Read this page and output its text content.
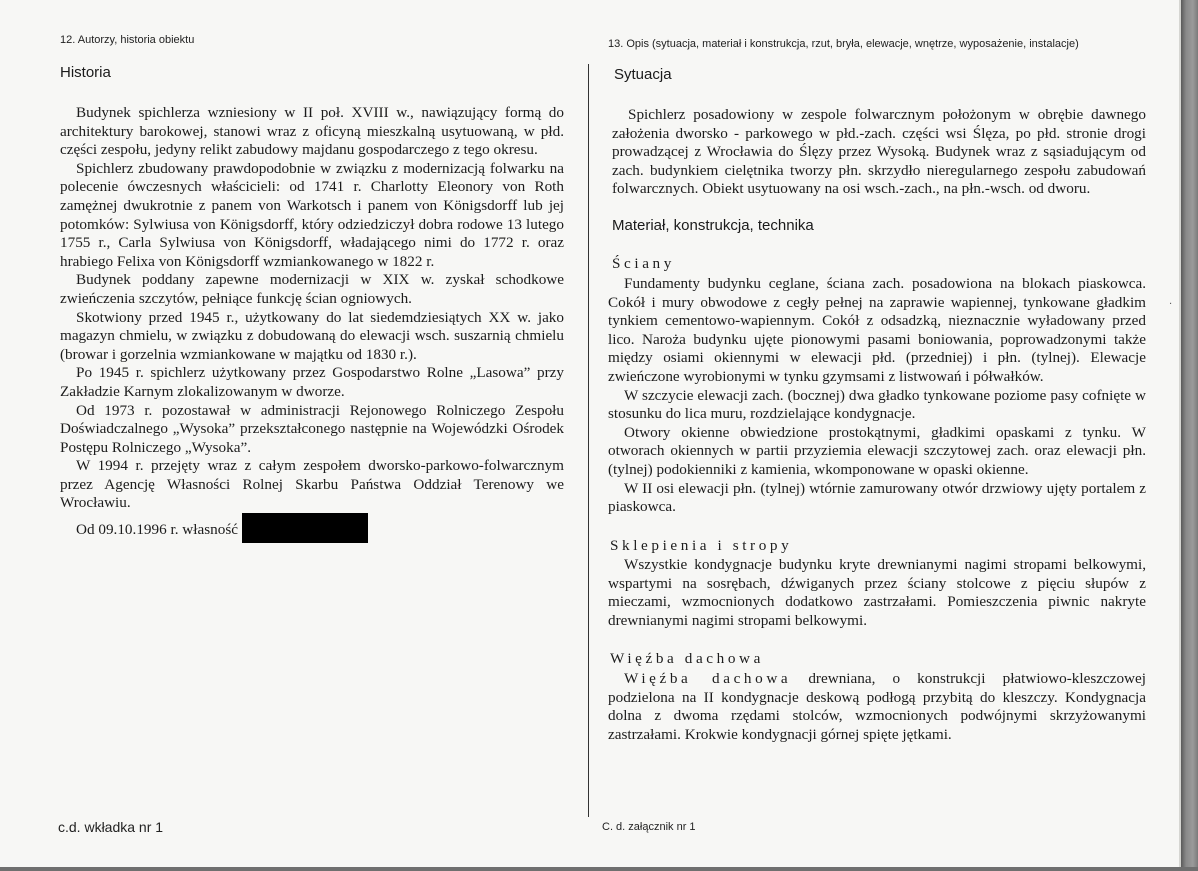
12. Autorzy, historia obiektu
Historia

Budynek spichlerza wzniesiony w II poł. XVIII w., nawiązujący formą do architektury barokowej, stanowi wraz z oficyną mieszkalną usytuowaną, w płd. części zespołu, jedyny relikt zabudowy majdanu gospodarczego z tego okresu.

Spichlerz zbudowany prawdopodobnie w związku z modernizacją folwarku na polecenie ówczesnych właścicieli: od 1741 r. Charlotty Eleonory von Roth zamężnej dwukrotnie z panem von Warkotsch i panem von Königsdorff lub jej potomków: Sylwiusa von Königsdorff, który odziedziczył dobra rodowe 13 lutego 1755 r., Carla Sylwiusa von Königsdorff, władającego nimi do 1772 r. oraz hrabiego Felixa von Königsdorff wzmiankowanego w 1822 r.

Budynek poddany zapewne modernizacji w XIX w. zyskał schodkowe zwieńczenia szczytów, pełniące funkcję ścian ogniowych.

Skotwiony przed 1945 r., użytkowany do lat siedemdziesiątych XX w. jako magazyn chmielu, w związku z dobudowaną do elewacji wsch. suszarnią chmielu (browar i gorzelnia wzmiankowane w majątku od 1830 r.).

Po 1945 r. spichlerz użytkowany przez Gospodarstwo Rolne „Lasowa” przy Zakładzie Karnym zlokalizowanym w dworze.

Od 1973 r. pozostawał w administracji Rejonowego Rolniczego Zespołu Doświadczalnego „Wysoka” przekształconego następnie na Wojewódzki Ośrodek Postępu Rolniczego „Wysoka”.

W 1994 r. przejęty wraz z całym zespołem dworsko-parkowo-folwarcznym przez Agencję Własności Rolnej Skarbu Państwa Oddział Terenowy we Wrocławiu.

Od 09.10.1996 r. własność

c.d. wkładka nr 1
13. Opis (sytuacja, materiał i konstrukcja, rzut, bryła, elewacje, wnętrze, wyposażenie, instalacje)
Sytuacja

Spichlerz posadowiony w zespole folwarcznym położonym w obrębie dawnego założenia dworsko - parkowego w płd.-zach. części wsi Ślęza, po płd. stronie drogi prowadzącej z Wrocławia do Ślęzy przez Wysoką. Budynek wraz z sąsiadującym od zach. budynkiem cielętnika tworzy płn. skrzydło nieregularnego zespołu zabudowań folwarcznych. Obiekt usytuowany na osi wsch.-zach., na płn.-wsch. od dworu.

Materiał, konstrukcja, technika
Ściany

Fundamenty budynku ceglane, ściana zach. posadowiona na blokach piaskowca. Cokół i mury obwodowe z cegły pełnej na zaprawie wapiennej, tynkowane gładkim tynkiem cementowo-wapiennym. Cokół z odsadzką, nieznacznie wyładowany przed lico. Naroża budynku ujęte pionowymi pasami boniowania, poprowadzonymi także między osiami okiennymi w elewacji płd. (przedniej) i płn. (tylnej). Elewacje zwieńczone wyrobionymi w tynku gzymsami z listwowań i półwałków.

W szczycie elewacji zach. (bocznej) dwa gładko tynkowane poziome pasy cofnięte w stosunku do lica muru, rozdzielające kondygnacje.

Otwory okienne obwiedzione prostokątnymi, gładkimi opaskami z tynku. W otworach okiennych w partii przyziemia elewacji szczytowej zach. oraz elewacji płn. (tylnej) podokienniki z kamienia, wkomponowane w opaski okienne.

W II osi elewacji płn. (tylnej) wtórnie zamurowany otwór drzwiowy ujęty portalem z piaskowca.

Sklepienia i stropy

Wszystkie kondygnacje budynku kryte drewnianymi nagimi stropami belkowymi, wspartymi na sosrębach, dźwiganych przez ściany stolcowe z pięciu słupów z mieczami, wzmocnionych dodatkowo zastrzałami. Pomieszczenia piwnic nakryte drewnianymi nagimi stropami belkowymi.

Więźba dachowa

Więźba dachowa drewniana, o konstrukcji płatwiowo-kleszczowej podzielona na II kondygnacje deskową podłogą przybitą do kleszczy. Kondygnacja dolna z dwoma rzędami stolców, wzmocnionych podwójnymi skrzyżowanymi zastrzałami. Krokwie kondygnacji górnej spięte jętkami.

C. d. załącznik nr 1
·
